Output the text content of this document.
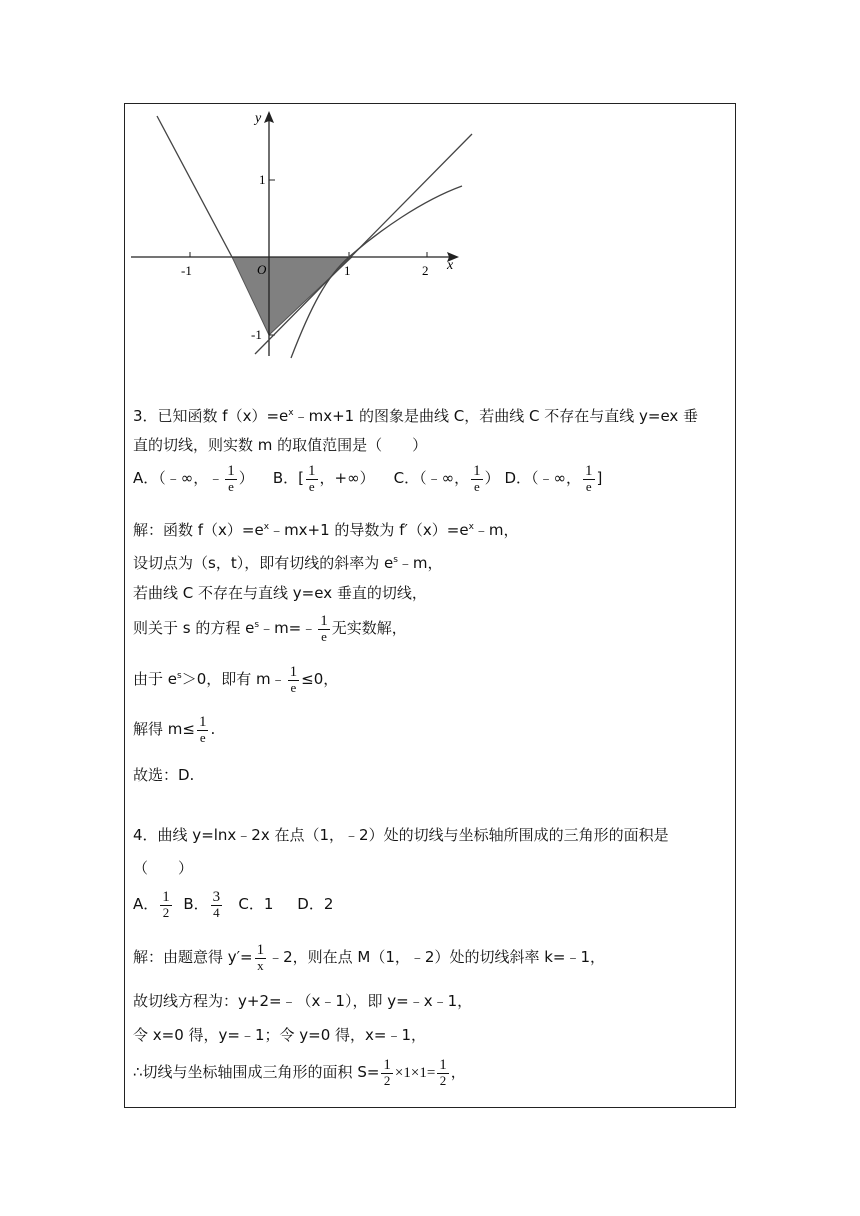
-1	1	2
1
-1
x
y
O
3．已知函数 $f(x)=e^x﹣mx+1$ 的图象是曲线 C，若曲线 C 不存在与直线 y=ex 垂
直的切线，则实数 m 的取值范围是（　　）
A．（﹣∞，﹣ $\frac{1}{e}$ ） B．[ $\frac{1}{e}$ ，+∞） C．（﹣∞， $\frac{1}{e}$ ） D．（﹣∞， $\frac{1}{e}$ ]
解：函数 $f(x)=e^x﹣mx+1$ 的导数为 $f'(x)=e^x﹣m$，
设切点为（s，t），即有切线的斜率为 $e^s﹣m$，
若曲线 C 不存在与直线 y=ex 垂直的切线，
则关于 s 的方程 $e^s﹣m=﹣ \frac{1}{e}$ 无实数解，
由于 $e^s>0$，即有 m﹣ $\frac{1}{e} \le 0$，
解得 $m\le \frac{1}{e}$ .
故选：D.
4．曲线 y=lnx﹣2x 在点（1，﹣2）处的切线与坐标轴所围成的三角形的面积是
（　　）
A． $\frac{1}{2}$ B． $\frac{3}{4}$ C．1 D．2
解：由题意得 $y'= \frac{1}{x}$ ﹣2，则在点 M（1，﹣2）处的切线斜率 k=﹣1，
故切线方程为：y+2=﹣（x﹣1），即 y=﹣x﹣1，
令 x=0 得，y=﹣1；令 y=0 得，x=﹣1，
∴切线与坐标轴围成三角形的面积 $S= \frac{1}{2} \times 1\times 1= \frac{1}{2}$ ，
